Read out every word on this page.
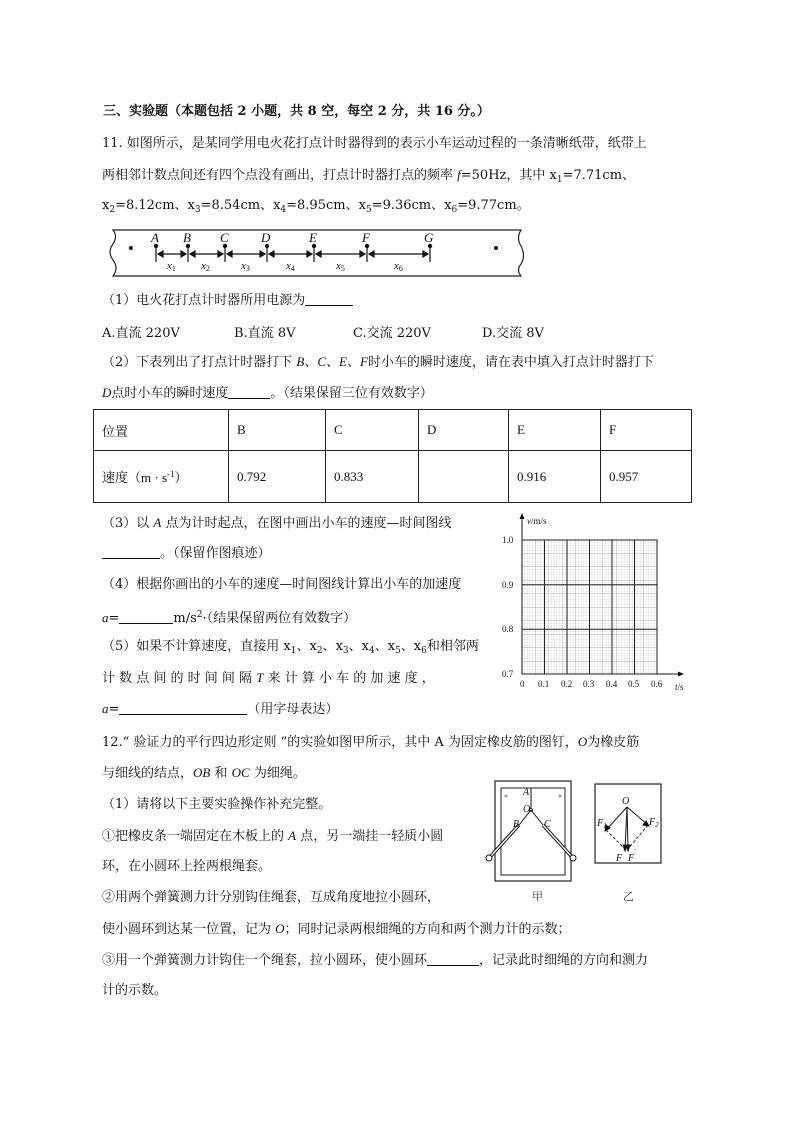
三、实验题（本题包括 2 小题，共 8 空，每空 2 分，共 16 分。）
11. 如图所示，是某同学用电火花打点计时器得到的表示小车运动过程的一条清晰纸带，纸带上
两相邻计数点间还有四个点没有画出，打点计时器打点的频率 f=50Hz，其中 $x_1=7.71cm$、
$x_2=8.12cm$、$x_3=8.54cm$、$x_4=8.95cm$、$x_5=9.36cm$、$x_6=9.77cm$。
A B C D	E	F	G
x1 x2	x3	x4	x5	x6
（1）电火花打点计时器所用电源为
A.直流 220V	B.直流 8V	C.交流 220V	D.交流 8V
（2）下表列出了打点计时器打下 B、C、E、F时小车的瞬时速度，请在表中填入打点计时器打下
D点时小车的瞬时速度	。（结果保留三位有效数字）
位置	B	C	D	E	F
速度$(m \cdot s^{-1})$	0.792	0.833		0.916	0.957
（3）以 A 点为计时起点，在图中画出小车的速度—时间图线
。（保留作图痕迹）
（4）根据你画出的小车的速度—时间图线计算出小车的加速度
a=	$m/s^2\cdot$（结果保留两位有效数字）
（5）如果不计算速度，直接用 $x_1$、$x_2$、$x_3$、$x_4$、$x_5$、$x_6$和相邻两
计 数 点 间 的 时 间 间 隔 T 来 计 算 小 车 的 加 速 度 ，
a=	（用字母表达）
v/m/s
1.0
0.9
0.8
0.7
0 0.1 0.2 0.3 0.4 0.5 0.6 t/s
12.“ 验证力的平行四边形定则 ”的实验如图甲所示，其中 A 为固定橡皮筋的图钉，O为橡皮筋
与细线的结点，OB 和 OC 为细绳。
（1）请将以下主要实验操作补充完整。
①把橡皮条一端固定在木板上的 A 点，另一端挂一轻质小圆
环，在小圆环上拴两根绳套。
②用两个弹簧测力计分别钩住绳套，互成角度地拉小圆环，
使小圆环到达某一位置，记为 O；同时记录两根细绳的方向和两个测力计的示数；
③用一个弹簧测力计钩住一个绳套，拉小圆环，使小圆环	，记录此时细绳的方向和测力
计的示数。
A
O
B C
甲
O
$F_1$	$F_2$
F F
'
乙
